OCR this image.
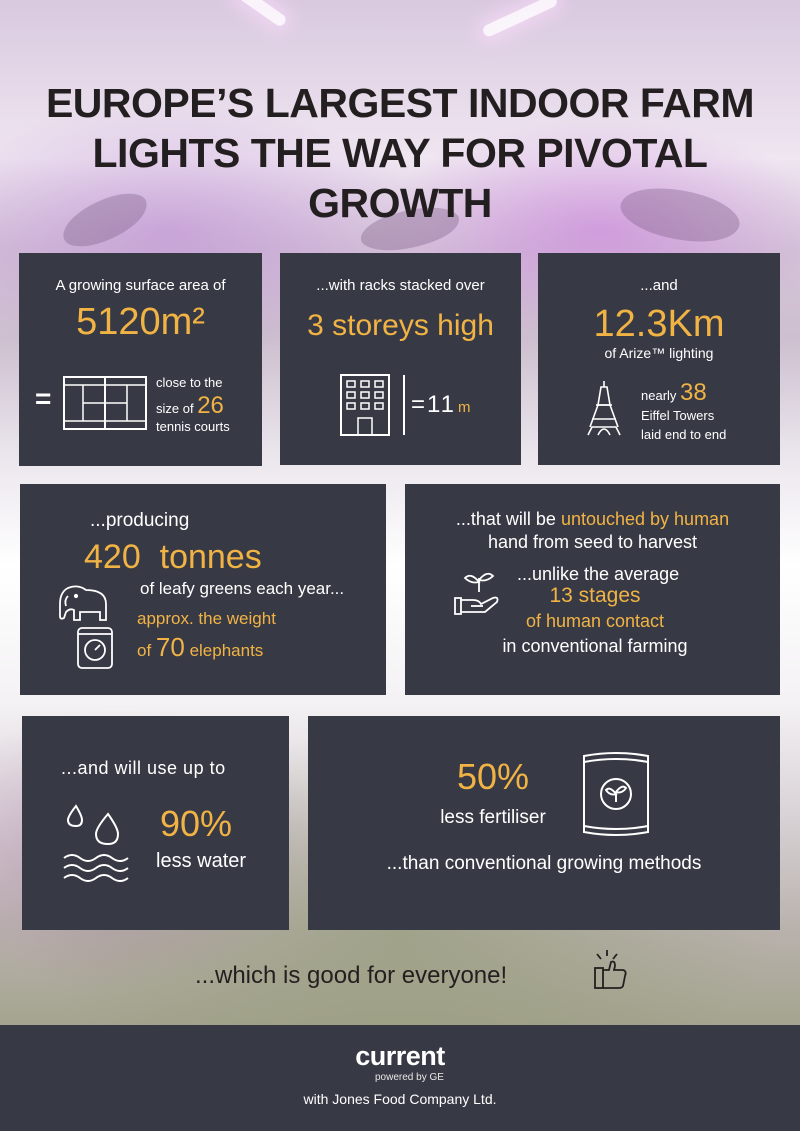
EUROPE’S LARGEST INDOOR FARM
LIGHTS THE WAY FOR PIVOTAL GROWTH
A growing surface area of
5120m²
=
close to the
size of 26
tennis courts
...with racks stacked over
3 storeys high
=11 m
...and
12.3Km
of Arize™ lighting
nearly 38
Eiffel Towers
laid end to end
...producing
420  tonnes
of leafy greens each year...
approx. the weight
of 70 elephants
...that will be untouched by human
hand from seed to harvest
...unlike the average
13 stages
of human contact
in conventional farming
...and will use up to
90%
less water
50%
less fertiliser
...than conventional growing methods
...which is good for everyone!
current
powered by GE
with Jones Food Company Ltd.
